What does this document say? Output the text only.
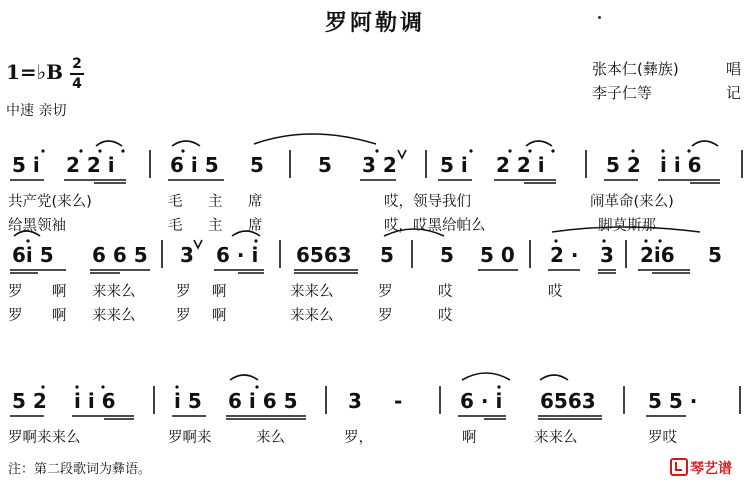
罗阿勒调
1=♭B 2
4
中速 亲切
张本仁(彝族)	唱
李子仁等	记
5 i 2 2 i	6 i 5 5	5 3 2 5 i 2 2 i	5 2 i i 6
6i 5 6 6 5 3 6 · i 6563 5 5 5 0 2 · 3 2i6 5
5 2 i i 6	i 5 6 i 6 5	3 -	6 · i 6563	5 5 ·
共产党(来么)	毛 主 席	哎，领导我们	闹革命(来么)
给黑领袖	毛 主 席	哎，哎黑给帕么	脚莫斯那
罗 啊 来来么	罗 啊	来来么	罗	哎	哎
罗 啊 来来么	罗 啊	来来么	罗	哎
罗啊来来么	罗啊来	来么	罗，	啊	来来么	罗哎
注：第二段歌词为彝语。	琴艺谱
